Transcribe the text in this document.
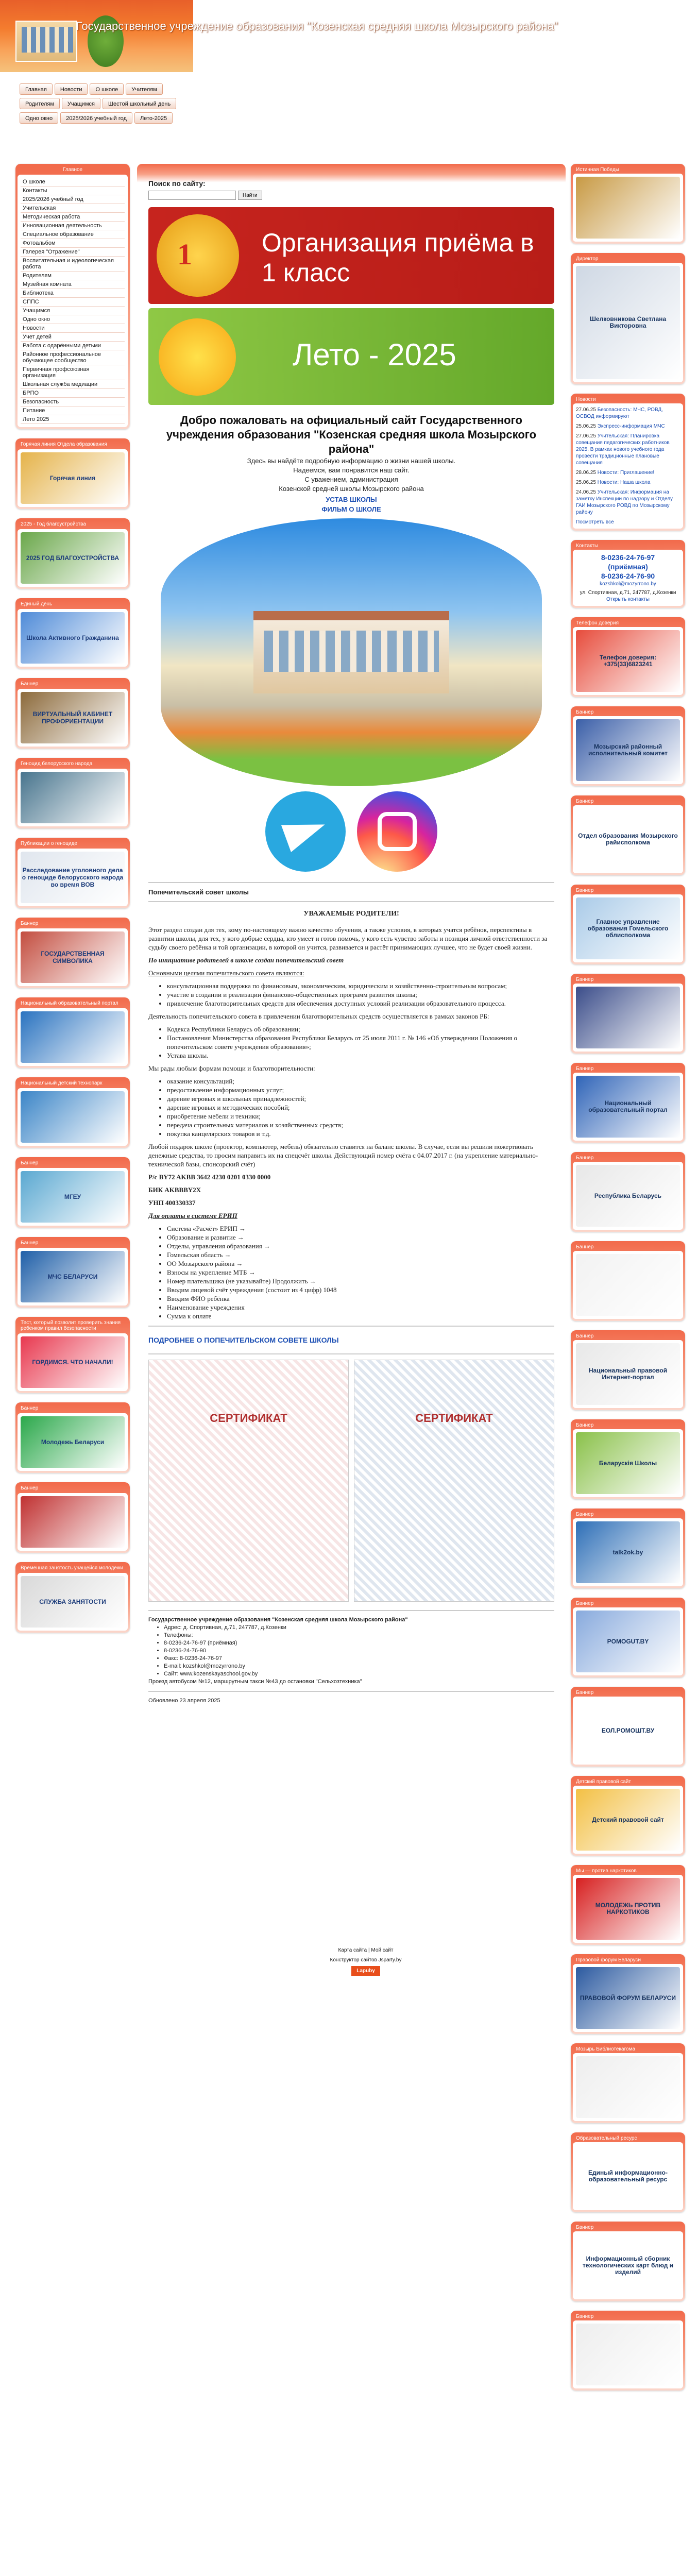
Государственное учреждение образования "Козенская средняя школа Мозырского района"
Главная Новости О школе УчителямРодителям Учащимся Шестой школьный деньОдно окно 2025/2026 учебный год Лето-2025
Главное
О школе
Контакты
2025/2026 учебный год
Учительская
Методическая работа
Инновационная деятельность
Специальное образование
Фотоальбом
Галерея "Отражение"
Воспитательная и идеологическая работа
Родителям
Музейная комната
Библиотека
СППС
Учащимся
Одно окно
Новости
Учет детей
Работа с одарёнными детьми
Районное профессиональное обучающее сообщество
Первичная профсоюзная организация
Школьная служба медиации
БРПО
Безопасность
Питание
Лето 2025
Горячая линия Отдела образования
Горячая линия
2025 - Год благоустройства
2025 ГОД БЛАГОУСТРОЙСТВА
Единый день
Школа Активного Гражданина
Баннер
ВИРТУАЛЬНЫЙ КАБИНЕТ ПРОФОРИЕНТАЦИИ
Геноцид белорусского народа
Публикации о геноциде
Расследование уголовного дела о геноциде белорусского народа во время ВОВ
Баннер
ГОСУДАРСТВЕННАЯ СИМВОЛИКА
Национальный образовательный портал
Национальный детский технопарк
Баннер
МГЕУ
Баннер
МЧС БЕЛАРУСИ
Тест, который позволит проверить знания ребенком правил безопасности
ГОРДИМСЯ. ЧТО НАЧАЛИ!
Баннер
Молодежь Беларуси
Баннер
Временная занятость учащейся молодежи
СЛУЖБА ЗАНЯТОСТИ
Поиск по сайту:
Найти
1	Организация приёма в 1 класс
Лето - 2025
Добро пожаловать на официальный сайт Государственного учреждения образования "Козенская средняя школа Мозырского района"

Здесь вы найдёте подробную информацию о жизни нашей школы.

Надеемся, вам понравится наш сайт.

С уважением, администрация

Козенской средней школы Мозырского района

УСТАВ ШКОЛЫ
ФИЛЬМ О ШКОЛЕ
Попечительский совет школы
УВАЖАЕМЫЕ РОДИТЕЛИ!

Этот раздел создан для тех, кому по-настоящему важно качество обучения, а также условия, в которых учатся ребёнок, перспективы в развитии школы, для тех, у кого добрые сердца, кто умеет и готов помочь, у кого есть чувство заботы и позиция личной ответственности за судьбу своего ребёнка и той организации, в которой он учится, развивается и растёт принимающих лучшее, что не будет своей жизни.

По инициативе родителей в школе создан попечительский совет

Основными целями попечительского совета являются:

• консультационная поддержка по финансовым, экономическим, юридическим и хозяйственно-строительным вопросам;
• участие в создании и реализации финансово-общественных программ развития школы;
• привлечение благотворительных средств для обеспечения доступных условий реализации образовательного процесса.

Деятельность попечительского совета в привлечении благотворительных средств осуществляется в рамках законов РБ:

• Кодекса Республики Беларусь об образовании;
• Постановления Министерства образования Республики Беларусь от 25 июля 2011 г. № 146 «Об утверждении Положения о попечительском совете учреждения образования»;
• Устава школы.

Мы рады любым формам помощи и благотворительности:

• оказание консультаций;
• предоставление информационных услуг;
• дарение игровых и школьных принадлежностей;
• дарение игровых и методических пособий;
• приобретение мебели и техники;
• передача строительных материалов и хозяйственных средств;
• покупка канцелярских товаров и т.д.

Любой подарок школе (проектор, компьютер, мебель) обязательно ставится на баланс школы. В случае, если вы решили пожертвовать денежные средства, то просим направить их на спецсчёт школы. Действующий номер счёта с 04.07.2017 г. (на укрепление материально-технической базы, спонсорский счёт)

Р/с BY72 AKBB 3642 4230 0201 0330 0000

БИК AKBBBY2X

УНП 400330337

Для оплаты в системе ЕРИП

• Система «Расчёт» ЕРИП →
• Образование и развитие →
• Отделы, управления образования →
• Гомельская область →
• ОО Мозырского района →
• Взносы на укрепление МТБ →
• Номер плательщика (не указывайте) Продолжить →
• Вводим лицевой счёт учреждения (состоит из 4 цифр) 1048
• Вводим ФИО ребёнка
• Наименование учреждения
• Сумма к оплате
ПОДРОБНЕЕ О ПОПЕЧИТЕЛЬСКОМ СОВЕТЕ ШКОЛЫ
СЕРТИФИКАТ	СЕРТИФИКАТ

Государственное учреждение образования "Козенская средняя школа Мозырского района"

• Адрес: д. Спортивная, д.71, 247787, д.Козенки
• Телефоны:
• 8-0236-24-76-97 (приёмная)
• 8-0236-24-76-90
• Факс: 8-0236-24-76-97
• E-mail: kozshkol@mozyrrono.by
• Сайт: www.kozenskayaschool.gov.by

Проезд автобусом №12, маршрутным такси №43 до остановки "Сельхозтехника"

Обновлено 23 апреля 2025

Истинная Победы
Директор
Шелковникова Светлана Викторовна
Новости

27.06.25 Безопасность: МЧС, РОВД, ОСВОД информируют

25.06.25 Экспресс-информация МЧС

27.06.25 Учительская: Планировка совещания педагогических работников 2025. В рамках нового учебного года провести традиционные плановые совещания

28.06.25 Новости: Приглашение!

25.06.25 Новости: Наша школа

24.06.25 Учительская: Информация на заметку Инспекции по надзору и Отделу ГАИ Мозырского РОВД по Мозырскому району

Посмотреть все
Контакты
8-0236-24-76-97
(приёмная)
8-0236-24-76-90
kozshkol@mozyrrono.by
ул. Спортивная, д.71, 247787, д.Козенки
Открыть контакты
Телефон доверия
Телефон доверия: +375(33)6823241
Баннер
Мозырский районный исполнительный комитет
Баннер
Отдел образования Мозырского райисполкома
Баннер
Главное управление образования Гомельского облисполкома
Баннер
Баннер
Национальный образовательный портал
Баннер
Республика Беларусь
Баннер
Баннер
Национальный правовой Интернет-портал
Баннер
Беларускія Школы
Баннер
talk2ok.by
Баннер
POMOGUT.BY
Баннер
ЕОЛ.РОМОШТ.ВУ
Детский правовой сайт
Детский правовой сайт
Мы — против наркотиков
МОЛОДЕЖЬ ПРОТИВ НАРКОТИКОВ
Правовой форум Беларуси
ПРАВОВОЙ ФОРУМ БЕЛАРУСИ
Мозырь Библиотекагома
Образовательный ресурс
Единый информационно-образовательный ресурс
Баннер
Информационный сборник технологических карт блюд и изделий
Баннер

Карта сайта | Мой сайт

Конструктор сайтов Jsparty.by

Lapuby
